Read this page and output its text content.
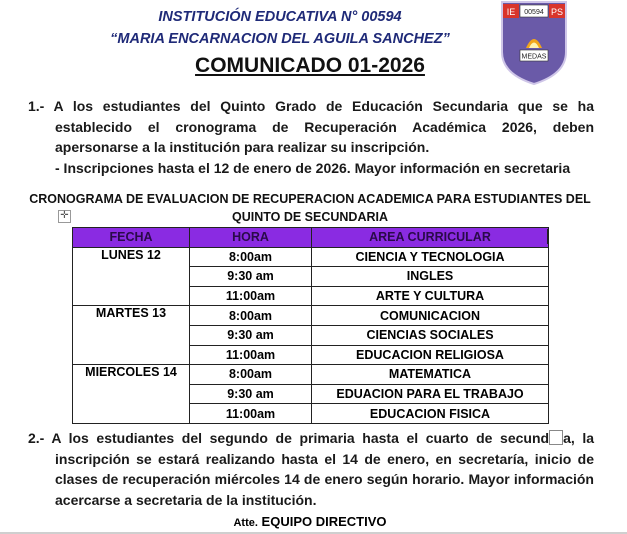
INSTITUCIÓN EDUCATIVA N° 00594
“MARIA ENCARNACION DEL AGUILA SANCHEZ”
COMUNICADO 01-2026
IE	PS
00594
MEDAS
1.- A los estudiantes del Quinto Grado de Educación Secundaria que se ha
establecido el cronograma de Recuperación Académica 2026, deben
apersonarse a la institución para realizar su inscripción.
- Inscripciones hasta el 12 de enero de 2026. Mayor información en secretaria
CRONOGRAMA DE EVALUACION DE RECUPERACION ACADEMICA PARA ESTUDIANTES DEL
QUINTO DE SECUNDARIA
✛
FECHA	HORA	AREA CURRICULAR
LUNES 12	8:00am	CIENCIA Y TECNOLOGIA
	9:30 am	INGLES
	11:00am	ARTE Y CULTURA
MARTES 13	8:00am	COMUNICACION
	9:30 am	CIENCIAS SOCIALES
	11:00am	EDUCACION RELIGIOSA
MIERCOLES 14	8:00am	MATEMATICA
	9:30 am	EDUACION PARA EL TRABAJO
	11:00am	EDUCACION FISICA
2.- A los estudiantes del segundo de primaria hasta el cuarto de secund a, la
inscripción se estará realizando hasta el 14 de enero, en secretaría, inicio de
clases de recuperación miércoles 14 de enero según horario. Mayor información
acercarse a secretaria de la institución.
Atte. EQUIPO DIRECTIVO
